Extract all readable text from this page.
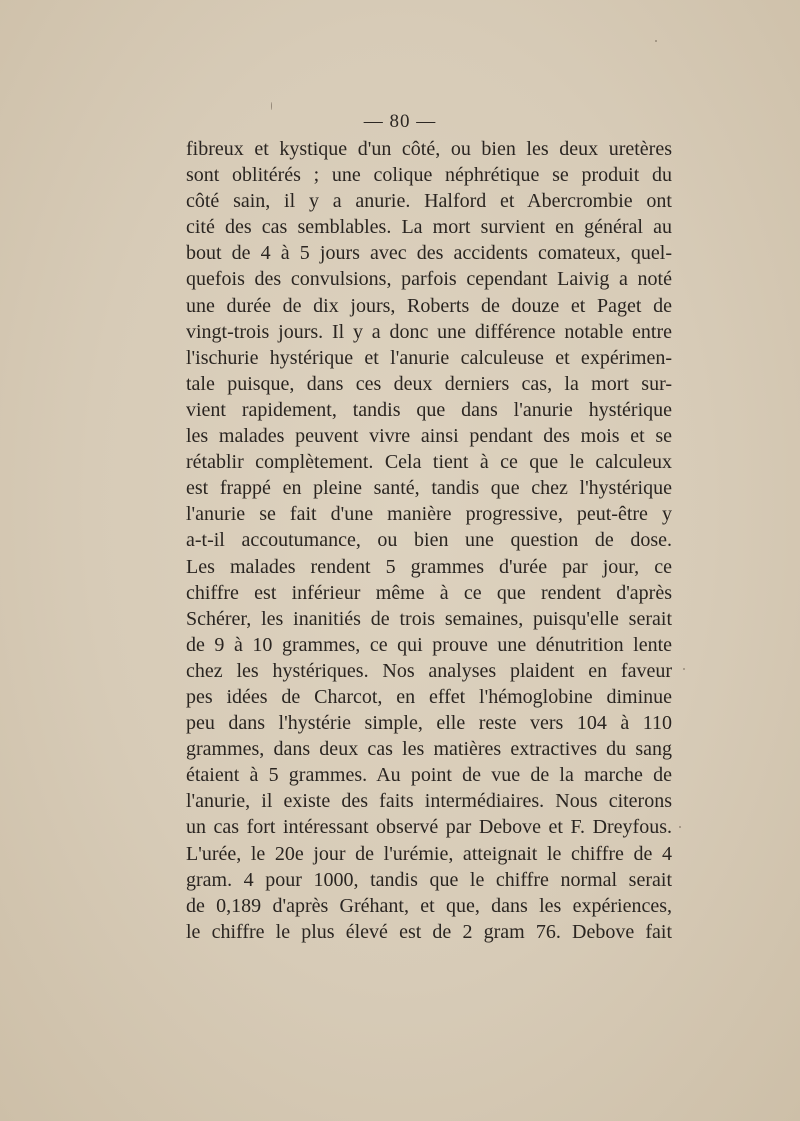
— 80 —
fibreux et kystique d'un côté, ou bien les deux uretères
sont oblitérés ; une colique néphrétique se produit du
côté sain, il y a anurie. Halford et Abercrombie ont
cité des cas semblables. La mort survient en général au
bout de 4 à 5 jours avec des accidents comateux, quel-
quefois des convulsions, parfois cependant Laivig a noté
une durée de dix jours, Roberts de douze et Paget de
vingt-trois jours. Il y a donc une différence notable entre
l'ischurie hystérique et l'anurie calculeuse et expérimen-
tale puisque, dans ces deux derniers cas, la mort sur-
vient rapidement, tandis que dans l'anurie hystérique
les malades peuvent vivre ainsi pendant des mois et se
rétablir complètement. Cela tient à ce que le calculeux
est frappé en pleine santé, tandis que chez l'hystérique
l'anurie se fait d'une manière progressive, peut-être y
a-t-il accoutumance, ou bien une question de dose.
Les malades rendent 5 grammes d'urée par jour, ce
chiffre est inférieur même à ce que rendent d'après
Schérer, les inanitiés de trois semaines, puisqu'elle serait
de 9 à 10 grammes, ce qui prouve une dénutrition lente
chez les hystériques. Nos analyses plaident en faveur
pes idées de Charcot, en effet l'hémoglobine diminue
peu dans l'hystérie simple, elle reste vers 104 à 110
grammes, dans deux cas les matières extractives du sang
étaient à 5 grammes. Au point de vue de la marche de
l'anurie, il existe des faits intermédiaires. Nous citerons
un cas fort intéressant observé par Debove et F. Dreyfous.
L'urée, le 20e jour de l'urémie, atteignait le chiffre de 4
gram. 4 pour 1000, tandis que le chiffre normal serait
de 0,189 d'après Gréhant, et que, dans les expériences,
le chiffre le plus élevé est de 2 gram 76. Debove fait
